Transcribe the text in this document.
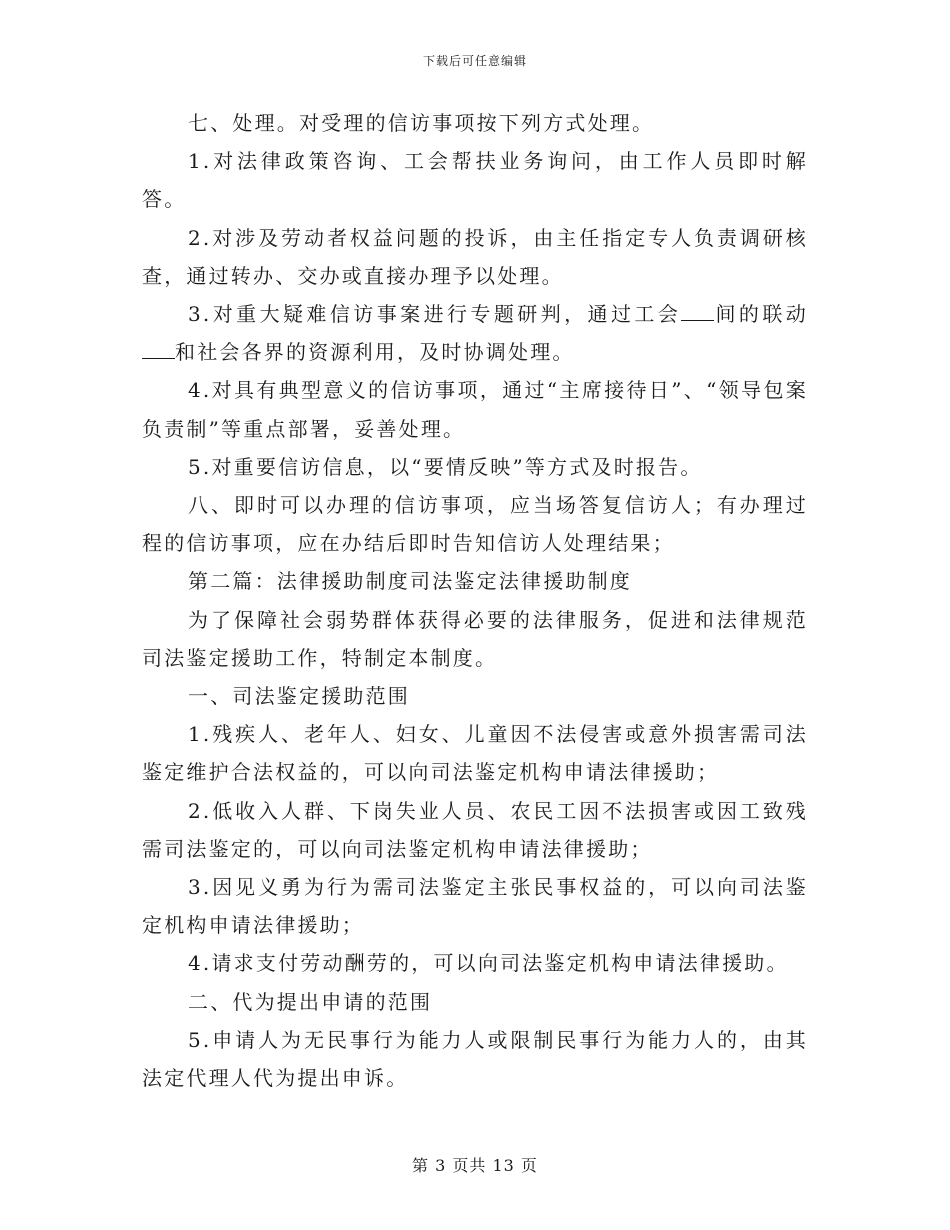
下载后可任意编辑

七、处理。对受理的信访事项按下列方式处理。

1.对法律政策咨询、工会帮扶业务询问，由工作人员即时解答。

2.对涉及劳动者权益问题的投诉，由主任指定专人负责调研核查，通过转办、交办或直接办理予以处理。

3.对重大疑难信访事案进行专题研判，通过工会 间的联动和社会各界的资源利用，及时协调处理。

4.对具有典型意义的信访事项，通过“主席接待日”、“领导包案负责制”等重点部署，妥善处理。

5.对重要信访信息，以“要情反映”等方式及时报告。

八、即时可以办理的信访事项，应当场答复信访人；有办理过程的信访事项，应在办结后即时告知信访人处理结果；

第二篇：法律援助制度司法鉴定法律援助制度

为了保障社会弱势群体获得必要的法律服务，促进和法律规范司法鉴定援助工作，特制定本制度。

一、司法鉴定援助范围

1.残疾人、老年人、妇女、儿童因不法侵害或意外损害需司法鉴定维护合法权益的，可以向司法鉴定机构申请法律援助；

2.低收入人群、下岗失业人员、农民工因不法损害或因工致残需司法鉴定的，可以向司法鉴定机构申请法律援助；

3.因见义勇为行为需司法鉴定主张民事权益的，可以向司法鉴定机构申请法律援助；

4.请求支付劳动酬劳的，可以向司法鉴定机构申请法律援助。

二、代为提出申请的范围

5.申请人为无民事行为能力人或限制民事行为能力人的，由其法定代理人代为提出申诉。

第 3 页共 13 页
